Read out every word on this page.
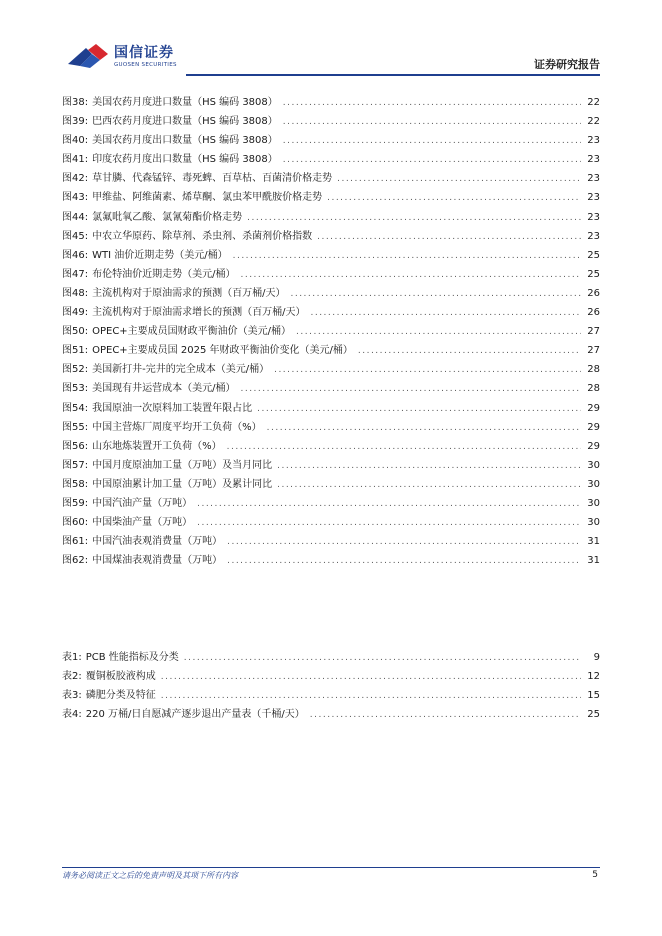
国信证券
GUOSEN SECURITIES	证券研究报告
图38: 美国农药月度进口数量（HS 编码 3808） .....	22
图39: 巴西农药月度进口数量（HS 编码 3808） .....	22
图40: 美国农药月度出口数量（HS 编码 3808） .....	23
图41: 印度农药月度出口数量（HS 编码 3808） .....	23
图42: 草甘膦、代森锰锌、毒死蜱、百草枯、百菌清价格走势 .....	23
图43: 甲维盐、阿维菌素、烯草酮、氯虫苯甲酰胺价格走势 .....	23
图44: 氯氟吡氧乙酸、氯氰菊酯价格走势 .....	23
图45: 中农立华原药、除草剂、杀虫剂、杀菌剂价格指数 .....	23
图46: WTI 油价近期走势（美元/桶） .....	25
图47: 布伦特油价近期走势（美元/桶） .....	25
图48: 主流机构对于原油需求的预测（百万桶/天） .....	26
图49: 主流机构对于原油需求增长的预测（百万桶/天） .....	26
图50: OPEC+主要成员国财政平衡油价（美元/桶） .....	27
图51: OPEC+主要成员国 2025 年财政平衡油价变化（美元/桶） .....	27
图52: 美国新打井-完井的完全成本（美元/桶） .....	28
图53: 美国现有井运营成本（美元/桶） .....	28
图54: 我国原油一次原料加工装置年限占比 .....	29
图55: 中国主营炼厂周度平均开工负荷（%） .....	29
图56: 山东地炼装置开工负荷（%） .....	29
图57: 中国月度原油加工量（万吨）及当月同比 .....	30
图58: 中国原油累计加工量（万吨）及累计同比 .....	30
图59: 中国汽油产量（万吨） .....	30
图60: 中国柴油产量（万吨） .....	30
图61: 中国汽油表观消费量（万吨） .....	31
图62: 中国煤油表观消费量（万吨） .....	31
表1: PCB 性能指标及分类 .....	9
表2: 覆铜板胶液构成 .....	12
表3: 磷肥分类及特征 .....	15
表4: 220 万桶/日自愿减产逐步退出产量表（千桶/天） .....	25
请务必阅读正文之后的免责声明及其项下所有内容	5
